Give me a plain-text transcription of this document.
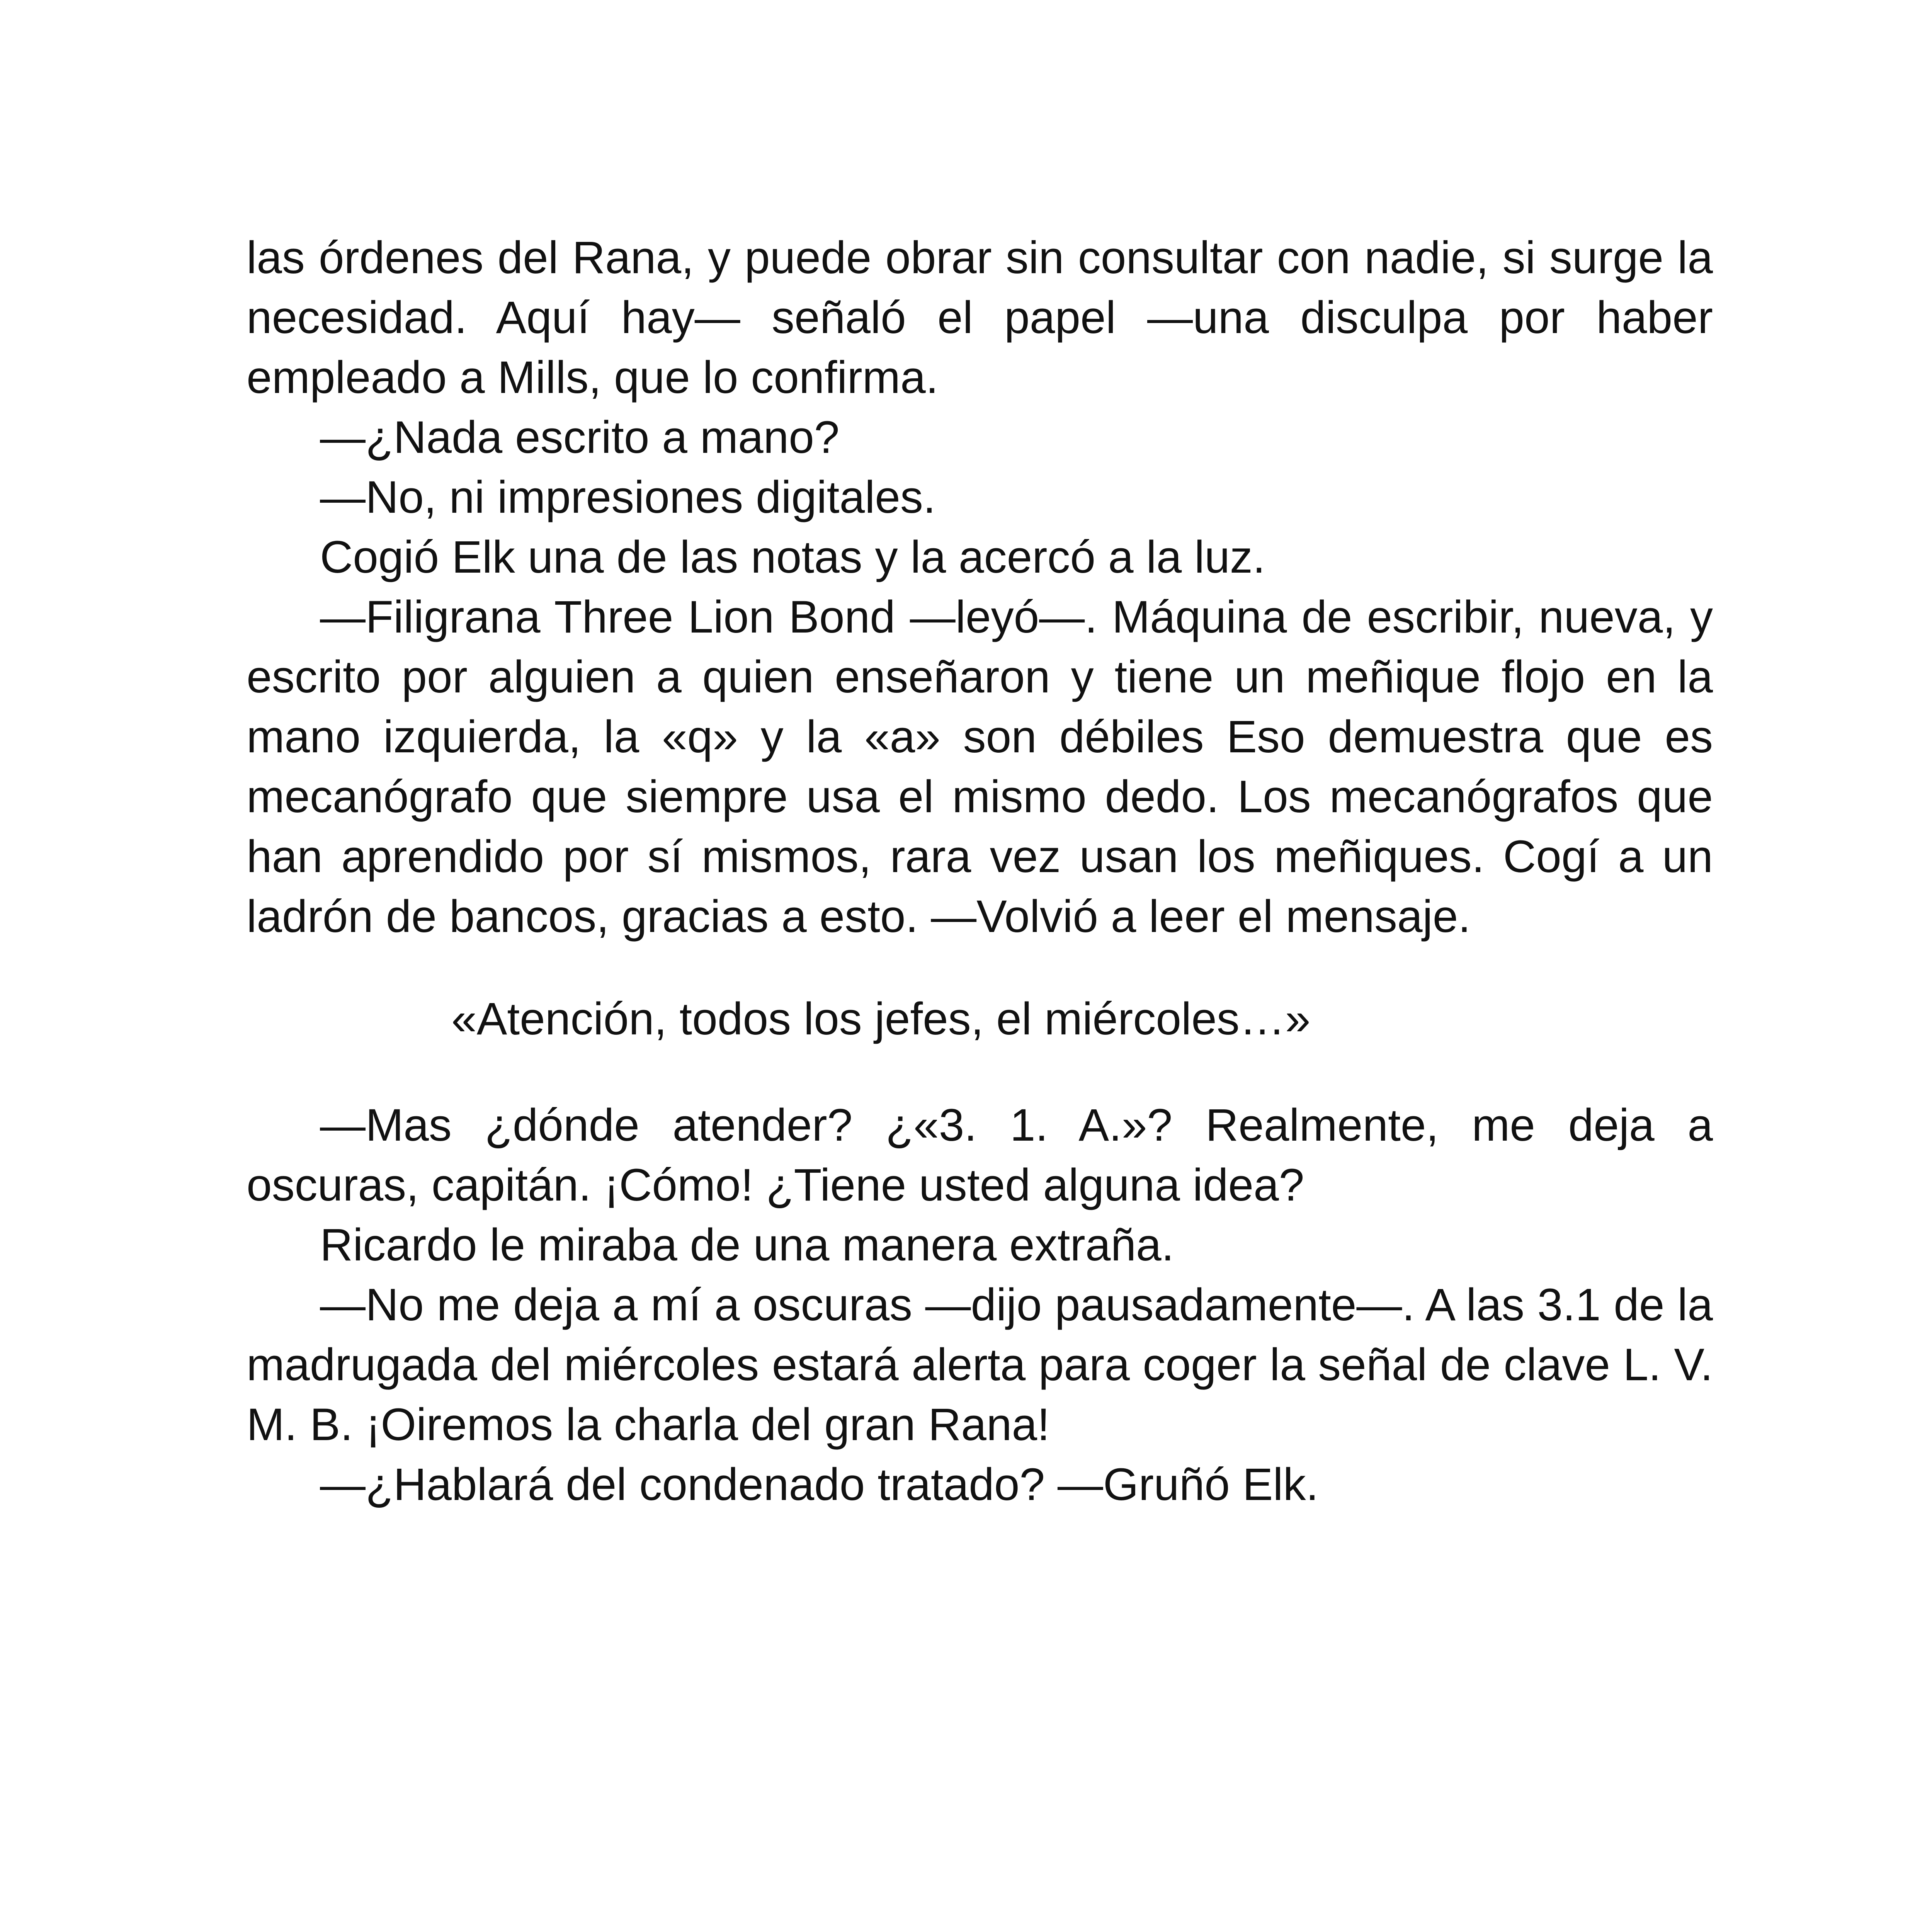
las órdenes del Rana, y puede obrar sin consultar con nadie, si surge la necesidad. Aquí hay— señaló el papel —una disculpa por haber empleado a Mills, que lo confirma.

—¿Nada escrito a mano?

—No, ni impresiones digitales.

Cogió Elk una de las notas y la acercó a la luz.

—Filigrana Three Lion Bond —leyó—. Máquina de escribir, nueva, y escrito por alguien a quien enseñaron y tiene un meñique flojo en la mano izquierda, la «q» y la «a» son débiles Eso demuestra que es mecanógrafo que siempre usa el mismo dedo. Los mecanógrafos que han aprendido por sí mismos, rara vez usan los meñiques. Cogí a un ladrón de bancos, gracias a esto. —Volvió a leer el mensaje.

«Atención, todos los jefes, el miércoles…»

—Mas ¿dónde atender? ¿«3. 1. A.»? Realmente, me deja a oscuras, capitán. ¡Cómo! ¿Tiene usted alguna idea?

Ricardo le miraba de una manera extraña.

—No me deja a mí a oscuras —dijo pausadamente—. A las 3.1 de la madrugada del miércoles estará alerta para coger la señal de clave L. V. M. B. ¡Oiremos la charla del gran Rana!

—¿Hablará del condenado tratado? —Gruñó Elk.
